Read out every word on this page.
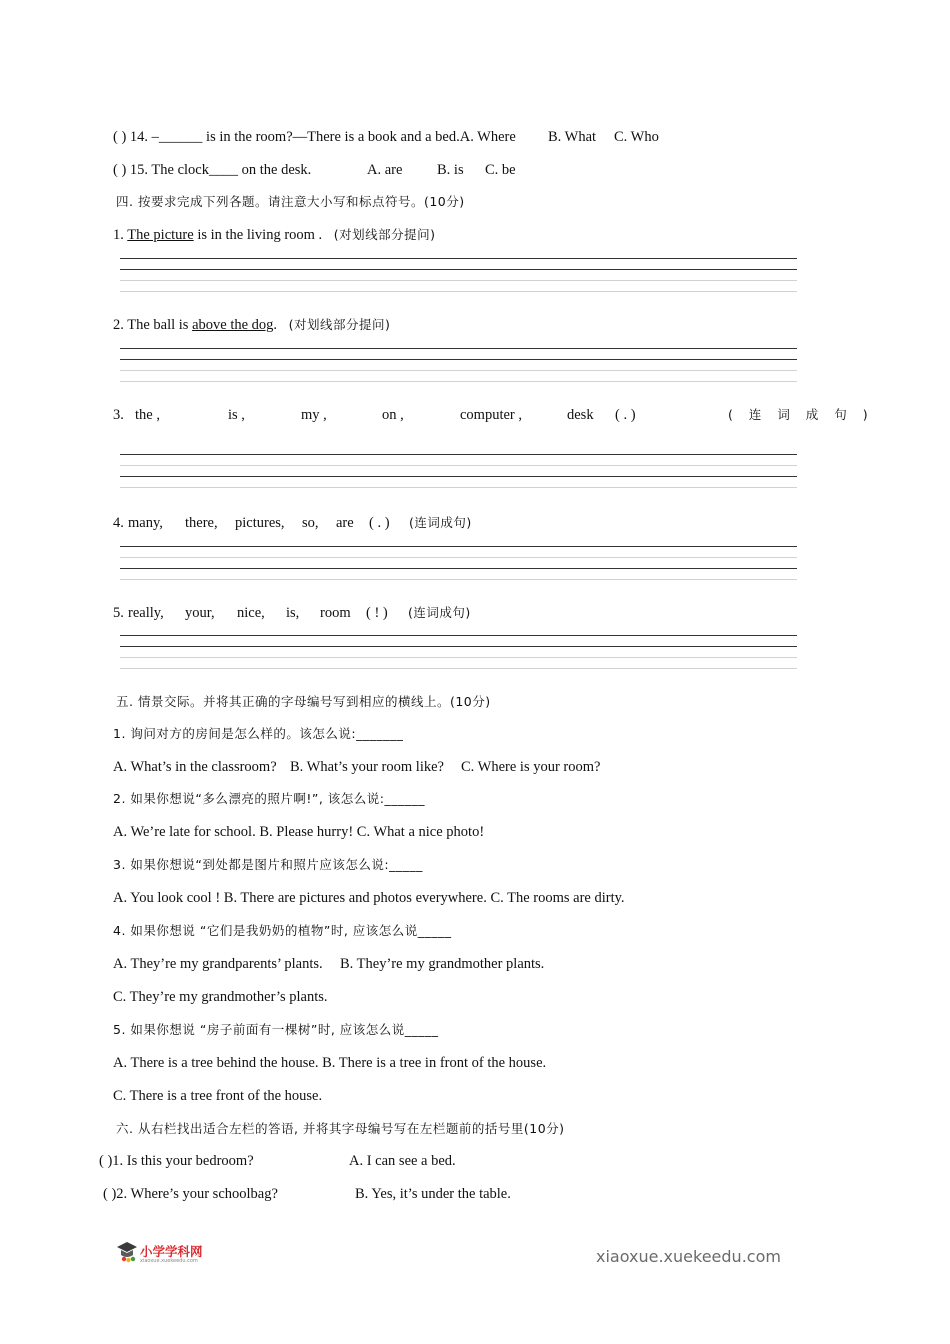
( ) 14. –______ is in the room?—There is a book and a bed.A. Where B. What C. Who
( ) 15. The clock____ on the desk.	A. are B. is C. be
四. 按要求完成下列各题。请注意大小写和标点符号。(10分)
1. The picture is in the living room . (对划线部分提问)
2. The ball is above the dog. (对划线部分提问)
3. the ,	is ,	my ,	on ,	computer ,	desk ( . )	( 连 词 成 句 )
4. many, there, pictures, so, are ( . ) (连词成句)
5. really, your, nice, is, room ( ! ) (连词成句)
五. 情景交际。并将其正确的字母编号写到相应的横线上。(10分)
1. 询问对方的房间是怎么样的。该怎么说:_______
A. What’s in the classroom? B. What’s your room like? C. Where is your room?
2. 如果你想说“多么漂亮的照片啊!”, 该怎么说:______
A. We’re late for school. B. Please hurry! C. What a nice photo!
3. 如果你想说“到处都是图片和照片应该怎么说:_____
A. You look cool ! B. There are pictures and photos everywhere. C. The rooms are dirty.
4. 如果你想说 “它们是我奶奶的植物”时, 应该怎么说_____
A. They’re my grandparents’ plants. B. They’re my grandmother plants.
C. They’re my grandmother’s plants.
5. 如果你想说 “房子前面有一棵树”时, 应该怎么说_____
A. There is a tree behind the house. B. There is a tree in front of the house.
C. There is a tree front of the house.
六. 从右栏找出适合左栏的答语, 并将其字母编号写在左栏题前的括号里(10分)
( )1. Is this your bedroom?	A. I can see a bed.
( )2. Where’s your schoolbag?	B. Yes, it’s under the table.
小学学科网
xiaoxue.xuekeedu.com	xiaoxue.xuekeedu.com
